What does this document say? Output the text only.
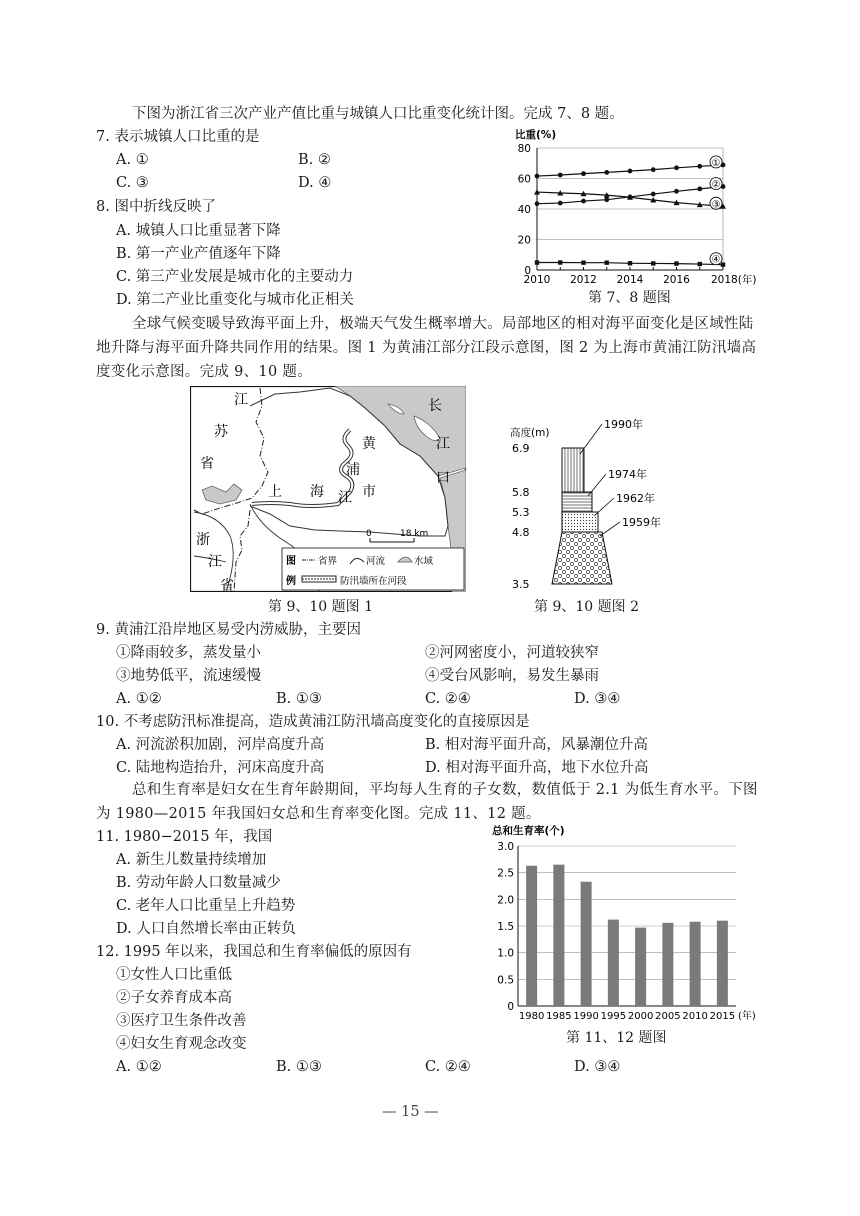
下图为浙江省三次产业产值比重与城镇人口比重变化统计图。完成 7、8 题。
7. 表示城镇人口比重的是
A. ①	B. ②
C. ③	D. ④
8. 图中折线反映了
A. 城镇人口比重显著下降
B. 第一产业产值逐年下降
C. 第三产业发展是城市化的主要动力
D. 第二产业比重变化与城市化正相关
比重(%)
0
20
40
60
80
2010 2012 2014 2016 2018(年)
①
②
③
④
第 7、8 题图
全球气候变暖导致海平面上升，极端天气发生概率增大。局部地区的相对海平面变化是区域性陆地升降与海平面升降共同作用的结果。图 1 为黄浦江部分江段示意图，图 2 为上海市黄浦江防汛墙高度变化示意图。完成 9、10 题。
江
苏
省
上 海	市
黄
浦
江
长
江
口
浙
江
省
0	18 km
图
例
省界	河流	水域
防汛墙所在河段
第 9、10 题图 1
高度(m)
6.9
5.8
5.3
4.8
3.5
1990年
1974年
1962年
1959年
第 9、10 题图 2
9. 黄浦江沿岸地区易受内涝威胁，主要因
①降雨较多，蒸发量小	②河网密度小，河道较狭窄
③地势低平，流速缓慢	④受台风影响，易发生暴雨
A. ①②	B. ①③	C. ②④	D. ③④
10. 不考虑防汛标准提高，造成黄浦江防汛墙高度变化的直接原因是
A. 河流淤积加剧，河岸高度升高	B. 相对海平面升高，风暴潮位升高
C. 陆地构造抬升，河床高度升高	D. 相对海平面升高，地下水位升高
总和生育率是妇女在生育年龄期间，平均每人生育的子女数，数值低于 2.1 为低生育水平。下图为 1980—2015 年我国妇女总和生育率变化图。完成 11、12 题。
11. 1980−2015 年，我国
A. 新生儿数量持续增加
B. 劳动年龄人口数量减少
C. 老年人口比重呈上升趋势
D. 人口自然增长率由正转负
12. 1995 年以来，我国总和生育率偏低的原因有
①女性人口比重低
②子女养育成本高
③医疗卫生条件改善
④妇女生育观念改变
A. ①②	B. ①③	C. ②④	D. ③④
总和生育率(个)
0
0.5
1.0
1.5
2.0
2.5
3.0
1980 1985 1990 1995 2000 2005 2010 2015 (年)
第 11、12 题图
— 15 —
